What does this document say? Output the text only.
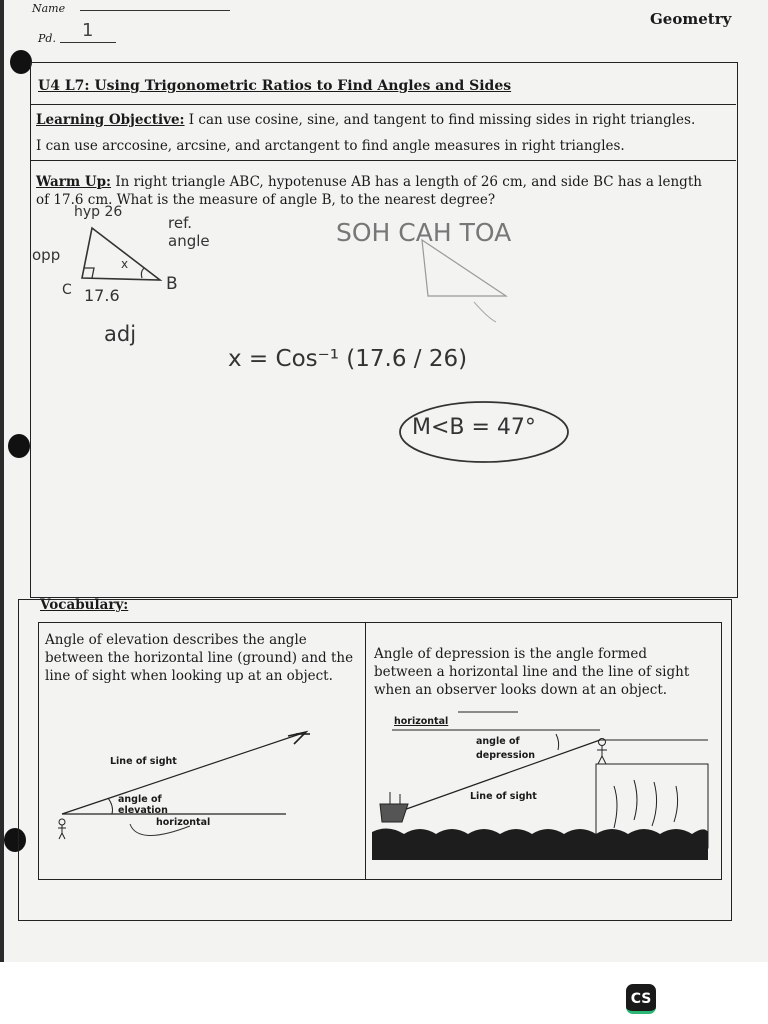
Name
Pd. 1
Geometry
U4 L7: Using Trigonometric Ratios to Find Angles and Sides
Learning Objective: I can use cosine, sine, and tangent to find missing sides in right triangles.
I can use arccosine, arcsine, and arctangent to find angle measures in right triangles.
Warm Up: In right triangle ABC, hypotenuse AB has a length of 26 cm, and side BC has a length
of 17.6 cm. What is the measure of angle B, to the nearest degree?
hyp 26
ref. angle
opp	x
C	B
17.6
adj
SOH CAH TOA
x = Cos⁻¹ (17.6 / 26)
M<B = 47°
Vocabulary:
Angle of elevation describes the angle
between the horizontal line (ground) and the
line of sight when looking up at an object.
Angle of depression is the angle formed
between a horizontal line and the line of sight
when an observer looks down at an object.
Line of sight
angle of elevation
horizontal
horizontal
angle of
depression
Line of sight
CS
